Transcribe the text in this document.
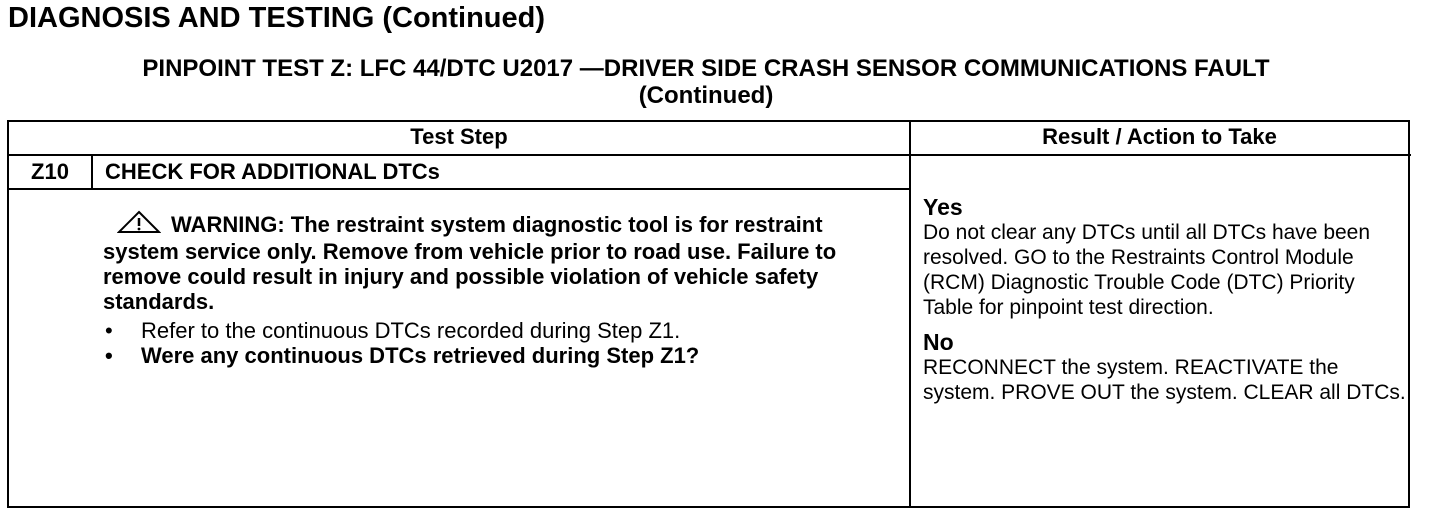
DIAGNOSIS AND TESTING (Continued)
PINPOINT TEST Z: LFC 44/DTC U2017 —DRIVER SIDE CRASH SENSOR COMMUNICATIONS FAULT
(Continued)
Test Step	Result / Action to Take
Z10	CHECK FOR ADDITIONAL DTCs
WARNING: The restraint system diagnostic tool is for restraint system service only. Remove from vehicle prior to road use. Failure to remove could result in injury and possible violation of vehicle safety standards.
• Refer to the continuous DTCs recorded during Step Z1.
• Were any continuous DTCs retrieved during Step Z1?

Yes

Do not clear any DTCs until all DTCs have been resolved. GO to the Restraints Control Module (RCM) Diagnostic Trouble Code (DTC) Priority Table for pinpoint test direction.

No

RECONNECT the system. REACTIVATE the system. PROVE OUT the system. CLEAR all DTCs.
